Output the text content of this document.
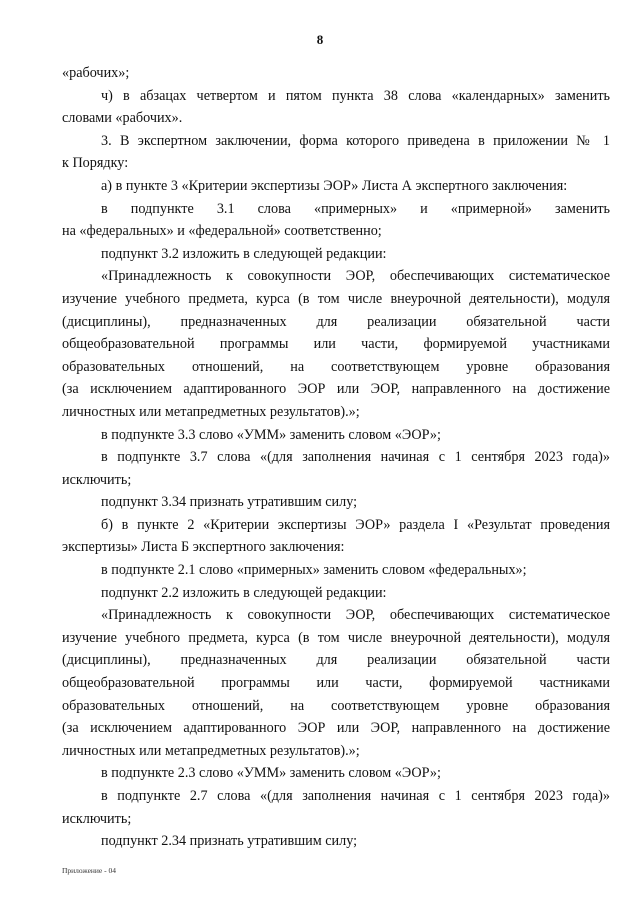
8
«рабочих»;
ч) в абзацах четвертом и пятом пункта 38 слова «календарных» заменить
словами «рабочих».
3. В экспертном заключении, форма которого приведена в приложении № 1
к Порядку:
а) в пункте 3 «Критерии экспертизы ЭОР» Листа А экспертного заключения:
в подпункте 3.1 слова «примерных» и «примерной» заменить
на «федеральных» и «федеральной» соответственно;
подпункт 3.2 изложить в следующей редакции:
«Принадлежность к совокупности ЭОР, обеспечивающих систематическое
изучение учебного предмета, курса (в том числе внеурочной деятельности), модуля
(дисциплины), предназначенных для реализации обязательной части
общеобразовательной программы или части, формируемой участниками
образовательных отношений, на соответствующем уровне образования
(за исключением адаптированного ЭОР или ЭОР, направленного на достижение
личностных или метапредметных результатов).»;
в подпункте 3.3 слово «УММ» заменить словом «ЭОР»;
в подпункте 3.7 слова «(для заполнения начиная с 1 сентября 2023 года)»
исключить;
подпункт 3.34 признать утратившим силу;
б) в пункте 2 «Критерии экспертизы ЭОР» раздела I «Результат проведения
экспертизы» Листа Б экспертного заключения:
в подпункте 2.1 слово «примерных» заменить словом «федеральных»;
подпункт 2.2 изложить в следующей редакции:
«Принадлежность к совокупности ЭОР, обеспечивающих систематическое
изучение учебного предмета, курса (в том числе внеурочной деятельности), модуля
(дисциплины), предназначенных для реализации обязательной части
общеобразовательной программы или части, формируемой частниками
образовательных отношений, на соответствующем уровне образования
(за исключением адаптированного ЭОР или ЭОР, направленного на достижение
личностных или метапредметных результатов).»;
в подпункте 2.3 слово «УММ» заменить словом «ЭОР»;
в подпункте 2.7 слова «(для заполнения начиная с 1 сентября 2023 года)»
исключить;
подпункт 2.34 признать утратившим силу;
Приложение - 04
